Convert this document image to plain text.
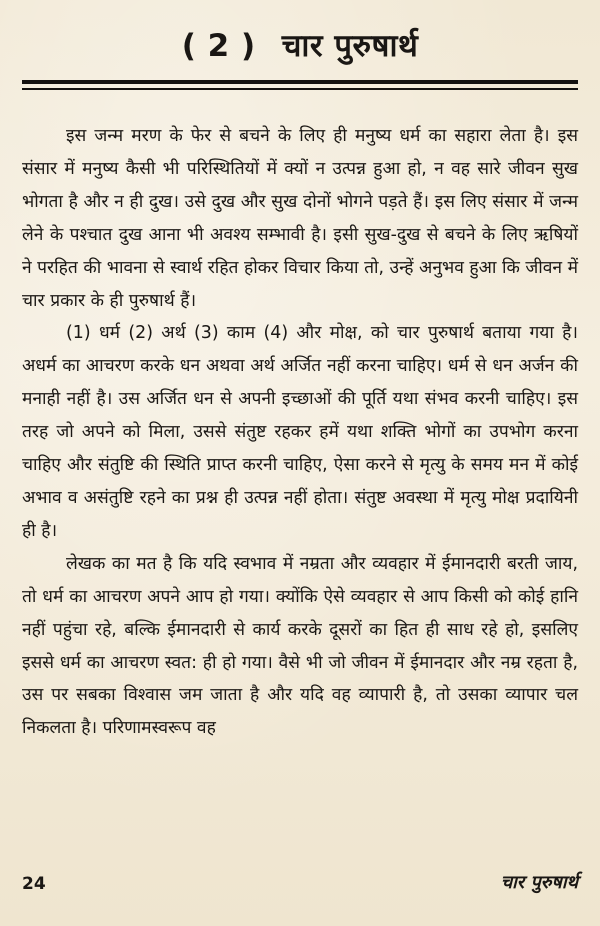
( 2 ) चार पुरुषार्थ

इस जन्म मरण के फेर से बचने के लिए ही मनुष्य धर्म का सहारा लेता है। इस संसार में मनुष्य कैसी भी परिस्थितियों में क्यों न उत्पन्न हुआ हो, न वह सारे जीवन सुख भोगता है और न ही दुख। उसे दुख और सुख दोनों भोगने पड़ते हैं। इस लिए संसार में जन्म लेने के पश्चात दुख आना भी अवश्य सम्भावी है। इसी सुख-दुख से बचने के लिए ऋषियों ने परहित की भावना से स्वार्थ रहित होकर विचार किया तो, उन्हें अनुभव हुआ कि जीवन में चार प्रकार के ही पुरुषार्थ हैं।

(1) धर्म (2) अर्थ (3) काम (4) और मोक्ष, को चार पुरुषार्थ बताया गया है। अधर्म का आचरण करके धन अथवा अर्थ अर्जित नहीं करना चाहिए। धर्म से धन अर्जन की मनाही नहीं है। उस अर्जित धन से अपनी इच्छाओं की पूर्ति यथा संभव करनी चाहिए। इस तरह जो अपने को मिला, उससे संतुष्ट रहकर हमें यथा शक्ति भोगों का उपभोग करना चाहिए और संतुष्टि की स्थिति प्राप्त करनी चाहिए, ऐसा करने से मृत्यु के समय मन में कोई अभाव व असंतुष्टि रहने का प्रश्न ही उत्पन्न नहीं होता। संतुष्ट अवस्था में मृत्यु मोक्ष प्रदायिनी ही है।

लेखक का मत है कि यदि स्वभाव में नम्रता और व्यवहार में ईमानदारी बरती जाय, तो धर्म का आचरण अपने आप हो गया। क्योंकि ऐसे व्यवहार से आप किसी को कोई हानि नहीं पहुंचा रहे, बल्कि ईमानदारी से कार्य करके दूसरों का हित ही साध रहे हो, इसलिए इससे धर्म का आचरण स्वत: ही हो गया। वैसे भी जो जीवन में ईमानदार और नम्र रहता है, उस पर सबका विश्वास जम जाता है और यदि वह व्यापारी है, तो उसका व्यापार चल निकलता है। परिणामस्वरूप वह

24	चार पुरुषार्थ
